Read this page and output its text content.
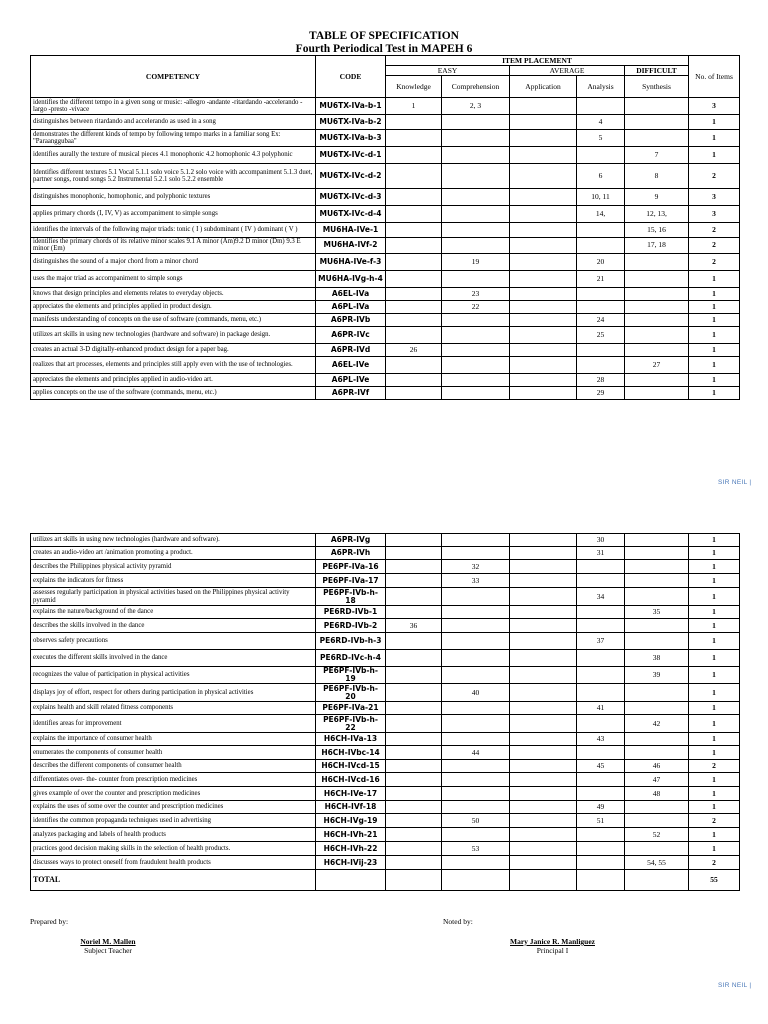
TABLE OF SPECIFICATION
Fourth Periodical Test in MAPEH 6
COMPETENCY	CODE	ITEM PLACEMENT					No. of Items
		EASY		AVERAGE		DIFFICULT	
		Knowledge	Comprehension	Application	Analysis	Synthesis	
identifies the different tempo in a given song or music: -allegro -andante -ritardando -accelerando -largo -presto -vivace	MU6TX-IVa-b-1	1	2, 3				3
distinguishes between ritardando and accelerando as used in a song	MU6TX-IVa-b-2				4		1
demonstrates the different kinds of tempo by following tempo marks in a familiar song Ex: "Paraanggubaa"	MU6TX-IVa-b-3				5		1
identifies aurally the texture of musical pieces 4.1 monophonic 4.2 homophonic 4.3 polyphonic	MU6TX-IVc-d-1					7	1
Identifies different textures 5.1 Vocal 5.1.1 solo voice 5.1.2 solo voice with accompaniment 5.1.3 duet, partner songs, round songs 5.2 Instrumental 5.2.1 solo 5.2.2 ensemble	MU6TX-IVc-d-2				6	8	2
distinguishes monophonic, homophonic, and polyphonic textures	MU6TX-IVc-d-3				10, 11	9	3
applies primary chords (I, IV, V) as accompaniment to simple songs	MU6TX-IVc-d-4				14,	12, 13,	3
identifies the intervals of the following major triads: tonic ( I ) subdominant ( IV ) dominant ( V )	MU6HA-IVe-1					15, 16	2
identifies the primary chords of its relative minor scales 9.1 A minor (Am)9.2 D minor (Dm) 9.3 E minor (Em)	MU6HA-IVf-2					17, 18	2
distinguishes the sound of a major chord from a minor chord	MU6HA-IVe-f-3		19		20		2
uses the major triad as accompaniment to simple songs	MU6HA-IVg-h-4				21		1
knows that design principles and elements relates to everyday objects.	A6EL-IVa		23				1
appreciates the elements and principles applied in product design.	A6PL-IVa		22				1
manifests understanding of concepts on the use of software (commands, menu, etc.)	A6PR-IVb				24		1
utilizes art skills in using new technologies (hardware and software) in package design.	A6PR-IVc				25		1
creates an actual 3-D digitally-enhanced product design for a paper bag.	A6PR-IVd	26					1
realizes that art processes, elements and principles still apply even with the use of technologies.	A6EL-IVe					27	1
appreciates the elements and principles applied in audio-video art.	A6PL-IVe				28		1
applies concepts on the use of the software (commands, menu, etc.)	A6PR-IVf				29		1
SIR NEIL |
utilizes art skills in using new technologies (hardware and software).	A6PR-IVg				30		1
creates an audio-video art /animation promoting a product.	A6PR-IVh				31		1
describes the Philippines physical activity pyramid	PE6PF-IVa-16		32				1
explains the indicators for fitness	PE6PF-IVa-17		33				1
assesses regularly participation in physical activities based on the Philippines physical activity pyramid	PE6PF-IVb-h-18				34		1
explains the nature/background of the dance	PE6RD-IVb-1					35	1
describes the skills involved in the dance	PE6RD-IVb-2	36					1
observes safety precautions	PE6RD-IVb-h-3				37		1
executes the different skills involved in the dance	PE6RD-IVc-h-4					38	1
recognizes the value of participation in physical activities	PE6PF-IVb-h-19					39	1
displays joy of effort, respect for others during participation in physical activities	PE6PF-IVb-h-20		40				1
explains health and skill related fitness components	PE6PF-IVa-21				41		1
identifies areas for improvement	PE6PF-IVb-h-22					42	1
explains the importance of consumer health	H6CH-IVa-13				43		1
enumerates the components of consumer health	H6CH-IVbc-14		44				1
describes the different components of consumer health	H6CH-IVcd-15				45	46	2
differentiates over- the- counter from prescription medicines	H6CH-IVcd-16					47	1
gives example of over the counter and prescription medicines	H6CH-IVe-17					48	1
explains the uses of some over the counter and prescription medicines	H6CH-IVf-18				49		1
identifies the common propaganda techniques used in advertising	H6CH-IVg-19		50		51		2
analyzes packaging and labels of health products	H6CH-IVh-21					52	1
practices good decision making skills in the selection of health products.	H6CH-IVh-22		53				1
discusses ways to protect oneself from fraudulent health products	H6CH-IVij-23					54, 55	2
TOTAL							55
Prepared by:	Noted by:
Noriel M. Mallen
Subject Teacher
Mary Janice R. Manliguez
Principal I
SIR NEIL |
